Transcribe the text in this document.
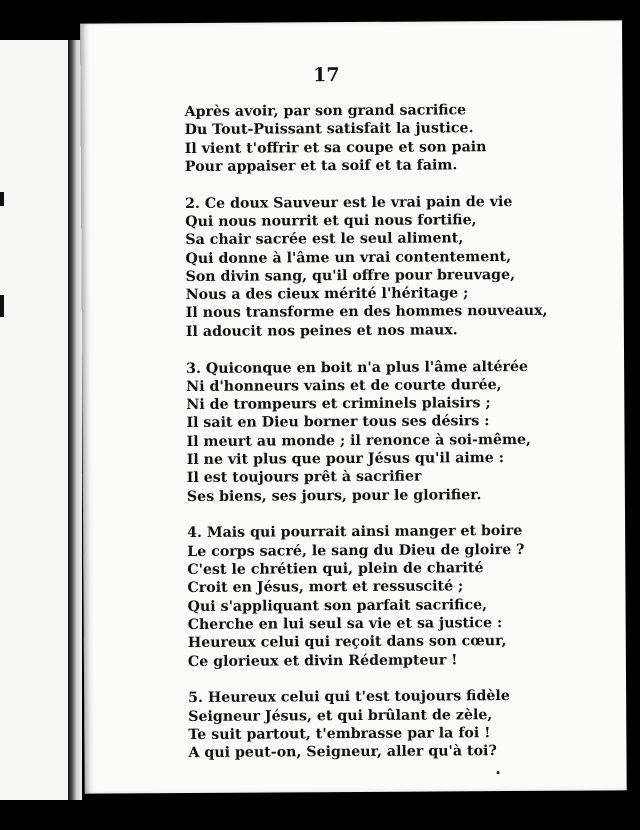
17
Après avoir, par son grand sacrifice
Du Tout-Puissant satisfait la justice.
Il vient t'offrir et sa coupe et son pain
Pour appaiser et ta soif et ta faim.
2. Ce doux Sauveur est le vrai pain de vie
Qui nous nourrit et qui nous fortifie,
Sa chair sacrée est le seul aliment,
Qui donne à l'âme un vrai contentement,
Son divin sang, qu'il offre pour breuvage,
Nous a des cieux mérité l'héritage ;
Il nous transforme en des hommes nouveaux,
Il adoucit nos peines et nos maux.
3. Quiconque en boit n'a plus l'âme altérée
Ni d'honneurs vains et de courte durée,
Ni de trompeurs et criminels plaisirs ;
Il sait en Dieu borner tous ses désirs :
Il meurt au monde ; il renonce à soi-même,
Il ne vit plus que pour Jésus qu'il aime :
Il est toujours prêt à sacrifier
Ses biens, ses jours, pour le glorifier.
4. Mais qui pourrait ainsi manger et boire
Le corps sacré, le sang du Dieu de gloire ?
C'est le chrétien qui, plein de charité
Croit en Jésus, mort et ressuscité ;
Qui s'appliquant son parfait sacrifice,
Cherche en lui seul sa vie et sa justice :
Heureux celui qui reçoit dans son cœur,
Ce glorieux et divin Rédempteur !
5. Heureux celui qui t'est toujours fidèle
Seigneur Jésus, et qui brûlant de zèle,
Te suit partout, t'embrasse par la foi !
A qui peut-on, Seigneur, aller qu'à toi?
